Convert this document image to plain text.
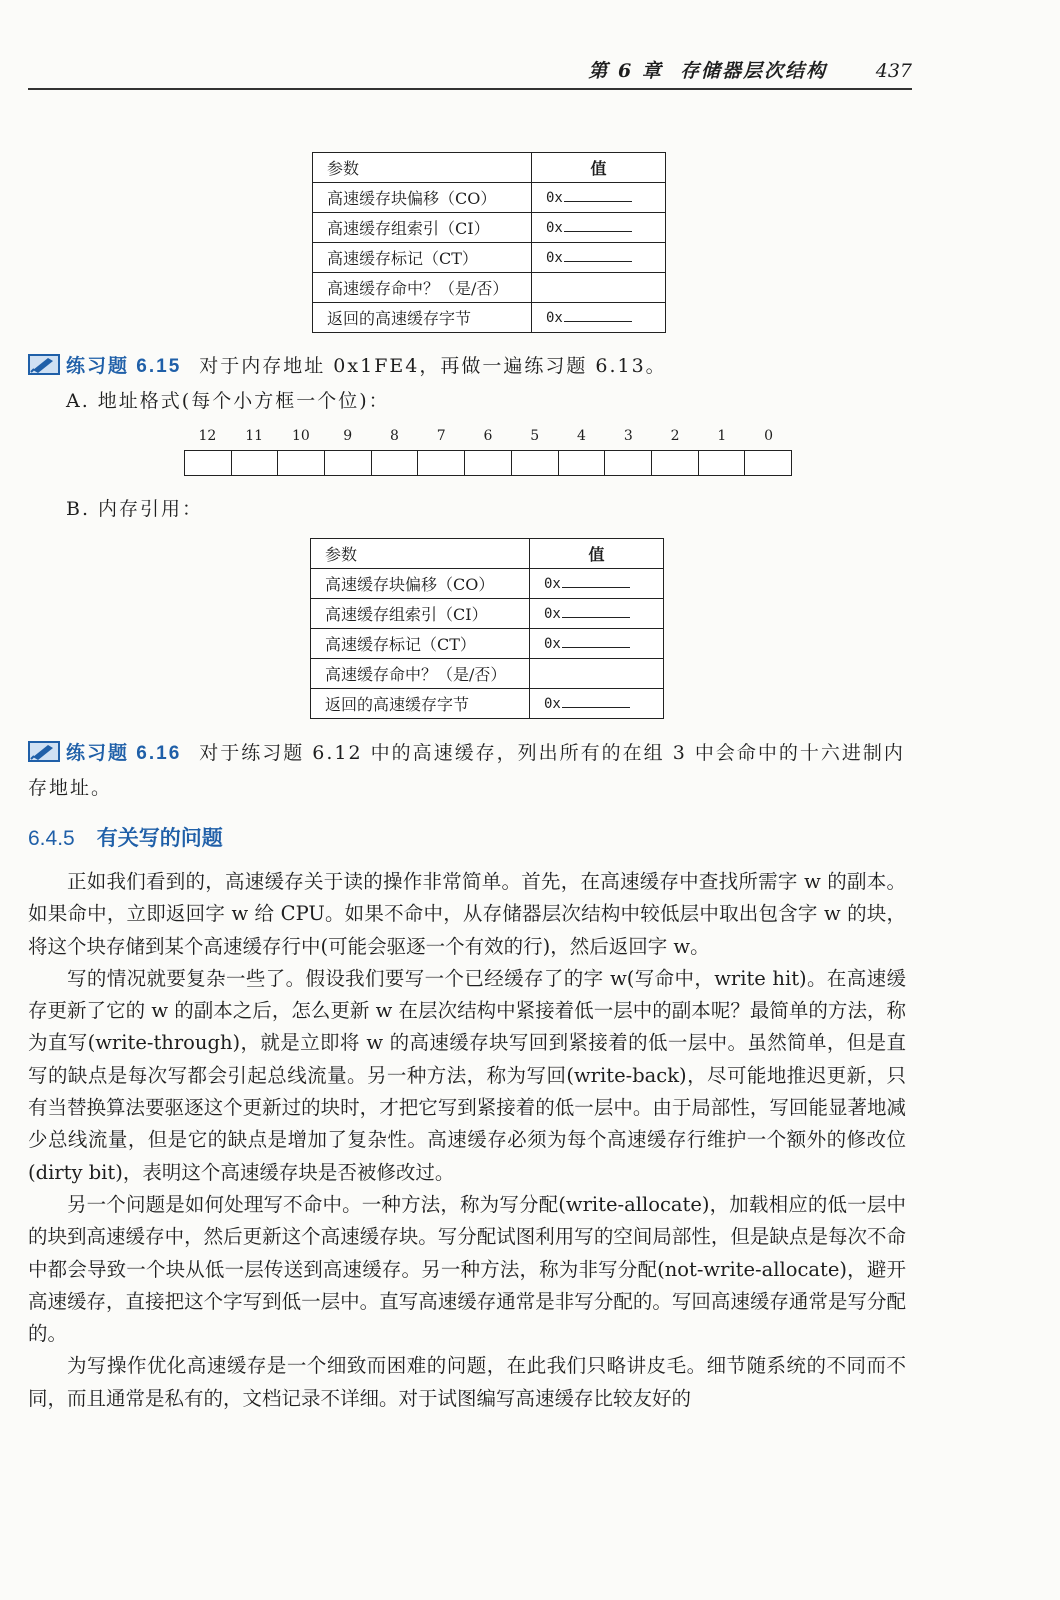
第 6 章 存储器层次结构	437
参数	值
高速缓存块偏移（CO）	0x
高速缓存组索引（CI）	0x
高速缓存标记（CT）	0x
高速缓存命中？（是/否）	
返回的高速缓存字节	0x
练习题 6.15 对于内存地址 0x1FE4，再做一遍练习题 6.13。
A. 地址格式(每个小方框一个位)：
12	11	10	9	8	7	6	5	4	3	2	1	0
B. 内存引用：
参数	值
高速缓存块偏移（CO）	0x
高速缓存组索引（CI）	0x
高速缓存标记（CT）	0x
高速缓存命中？（是/否）	
返回的高速缓存字节	0x
练习题 6.16 对于练习题 6.12 中的高速缓存，列出所有的在组 3 中会命中的十六进制内存地址。
6.4.5 有关写的问题

正如我们看到的，高速缓存关于读的操作非常简单。首先，在高速缓存中查找所需字 w 的副本。如果命中，立即返回字 w 给 CPU。如果不命中，从存储器层次结构中较低层中取出包含字 w 的块，将这个块存储到某个高速缓存行中(可能会驱逐一个有效的行)，然后返回字 w。

写的情况就要复杂一些了。假设我们要写一个已经缓存了的字 w(写命中，write hit)。在高速缓存更新了它的 w 的副本之后，怎么更新 w 在层次结构中紧接着低一层中的副本呢？最简单的方法，称为直写(write-through)，就是立即将 w 的高速缓存块写回到紧接着的低一层中。虽然简单，但是直写的缺点是每次写都会引起总线流量。另一种方法，称为写回(write-back)，尽可能地推迟更新，只有当替换算法要驱逐这个更新过的块时，才把它写到紧接着的低一层中。由于局部性，写回能显著地减少总线流量，但是它的缺点是增加了复杂性。高速缓存必须为每个高速缓存行维护一个额外的修改位(dirty bit)，表明这个高速缓存块是否被修改过。

另一个问题是如何处理写不命中。一种方法，称为写分配(write-allocate)，加载相应的低一层中的块到高速缓存中，然后更新这个高速缓存块。写分配试图利用写的空间局部性，但是缺点是每次不命中都会导致一个块从低一层传送到高速缓存。另一种方法，称为非写分配(not-write-allocate)，避开高速缓存，直接把这个字写到低一层中。直写高速缓存通常是非写分配的。写回高速缓存通常是写分配的。

为写操作优化高速缓存是一个细致而困难的问题，在此我们只略讲皮毛。细节随系统的不同而不同，而且通常是私有的，文档记录不详细。对于试图编写高速缓存比较友好的
